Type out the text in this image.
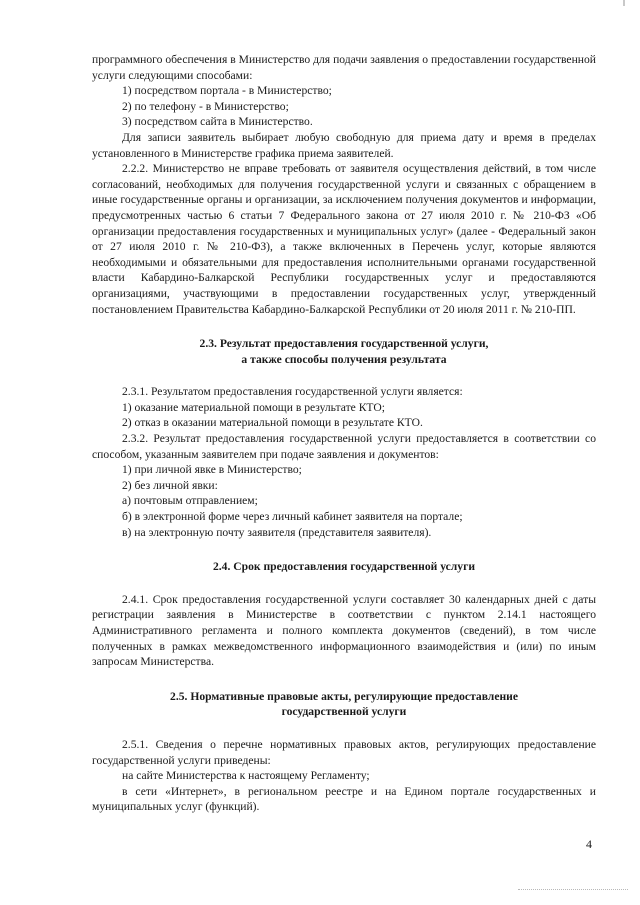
программного обеспечения в Министерство для подачи заявления о предоставлении государственной услуги следующими способами:

1) посредством портала - в Министерство;

2) по телефону - в Министерство;

3) посредством сайта в Министерство.

Для записи заявитель выбирает любую свободную для приема дату и время в пределах установленного в Министерстве графика приема заявителей.

2.2.2. Министерство не вправе требовать от заявителя осуществления действий, в том числе согласований, необходимых для получения государственной услуги и связанных с обращением в иные государственные органы и организации, за исключением получения документов и информации, предусмотренных частью 6 статьи 7 Федерального закона от 27 июля 2010 г. № 210-ФЗ «Об организации предоставления государственных и муниципальных услуг» (далее - Федеральный закон от 27 июля 2010 г. № 210-ФЗ), а также включенных в Перечень услуг, которые являются необходимыми и обязательными для предоставления исполнительными органами государственной власти Кабардино-Балкарской Республики государственных услуг и предоставляются организациями, участвующими в предоставлении государственных услуг, утвержденный постановлением Правительства Кабардино-Балкарской Республики от 20 июля 2011 г. № 210-ПП.

2.3. Результат предоставления государственной услуги,
а также способы получения результата

2.3.1. Результатом предоставления государственной услуги является:

1) оказание материальной помощи в результате КТО;

2) отказ в оказании материальной помощи в результате КТО.

2.3.2. Результат предоставления государственной услуги предоставляется в соответствии со способом, указанным заявителем при подаче заявления и документов:

1) при личной явке в Министерство;

2) без личной явки:

а) почтовым отправлением;

б) в электронной форме через личный кабинет заявителя на портале;

в) на электронную почту заявителя (представителя заявителя).

2.4. Срок предоставления государственной услуги

2.4.1. Срок предоставления государственной услуги составляет 30 календарных дней с даты регистрации заявления в Министерстве в соответствии с пунктом 2.14.1 настоящего Административного регламента и полного комплекта документов (сведений), в том числе полученных в рамках межведомственного информационного взаимодействия и (или) по иным запросам Министерства.

2.5. Нормативные правовые акты, регулирующие предоставление
государственной услуги

2.5.1. Сведения о перечне нормативных правовых актов, регулирующих предоставление государственной услуги приведены:

на сайте Министерства к настоящему Регламенту;

в сети «Интернет», в региональном реестре и на Едином портале государственных и муниципальных услуг (функций).

4
